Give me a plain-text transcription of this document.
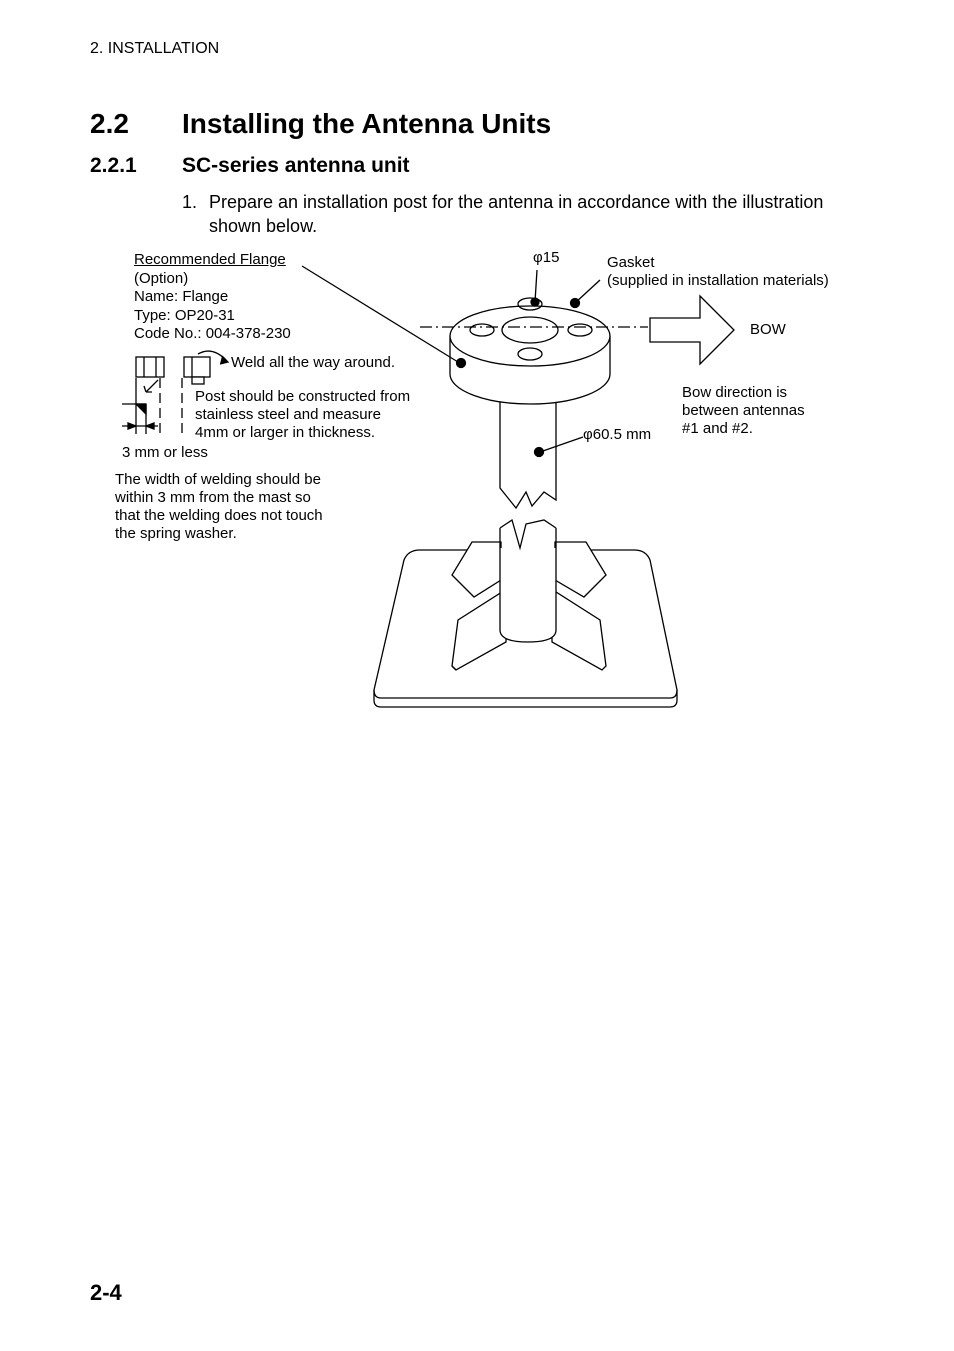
2. INSTALLATION
2.2 Installing the Antenna Units
2.2.1 SC-series antenna unit
1. Prepare an installation post for the antenna in accordance with the illustration shown below.
Recommended Flange
(Option)
Name: Flange
Type: OP20-31
Code No.: 004-378-230
Weld all the way around.
Post should be constructed from
stainless steel and measure
4mm or larger in thickness.
3 mm or less
The width of welding should be
within 3 mm from the mast so
that the welding does not touch
the spring washer.
φ15	Gasket
(supplied in installation materials)
BOW
Bow direction is
between antennas
#1 and #2.
φ60.5 mm
2-4
